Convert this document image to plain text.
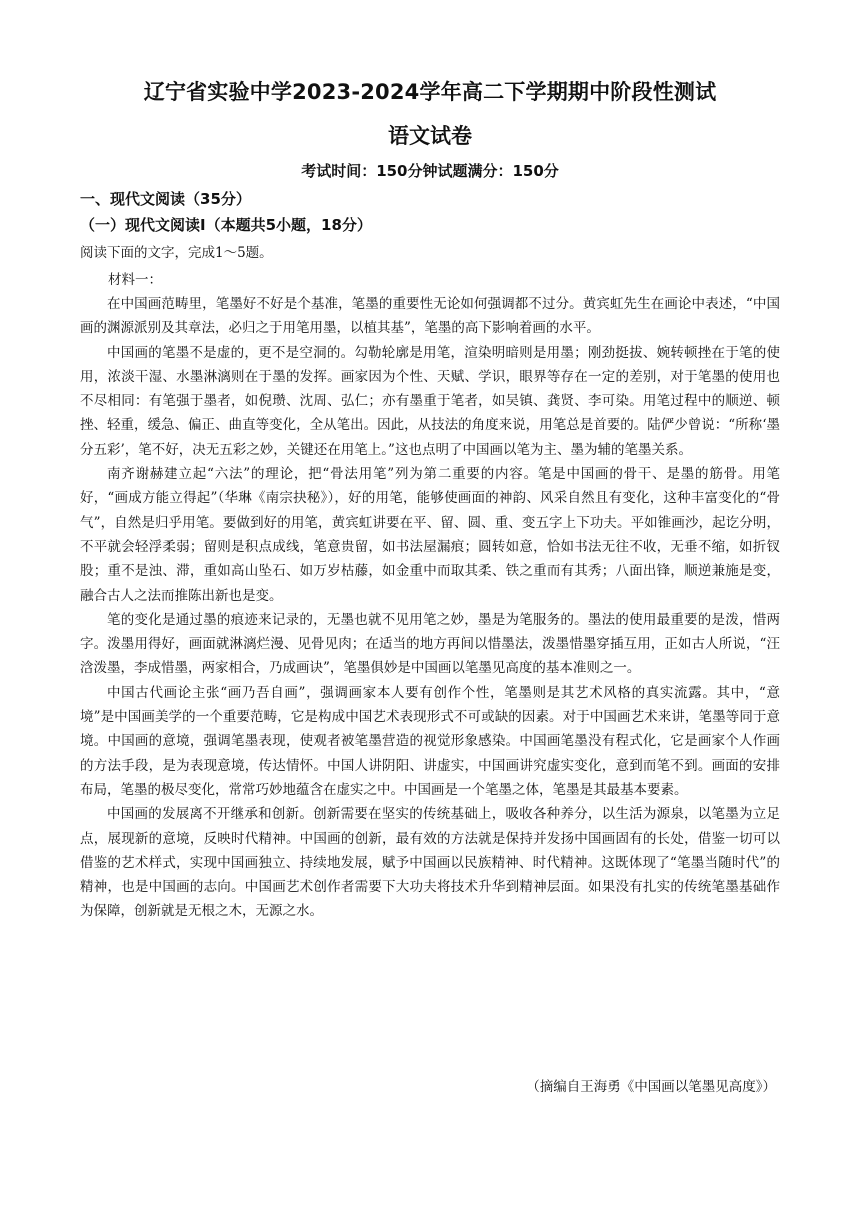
辽宁省实验中学2023-2024学年高二下学期期中阶段性测试
语文试卷
考试时间：150分钟试题满分：150分
一、现代文阅读（35分）
（一）现代文阅读Ⅰ（本题共5小题，18分）
阅读下面的文字，完成1～5题。
材料一：

在中国画范畴里，笔墨好不好是个基准，笔墨的重要性无论如何强调都不过分。黄宾虹先生在画论中表述，“中国画的渊源派别及其章法，必归之于用笔用墨，以植其基”，笔墨的高下影响着画的水平。

中国画的笔墨不是虚的，更不是空洞的。勾勒轮廓是用笔，渲染明暗则是用墨；刚劲挺拔、婉转顿挫在于笔的使用，浓淡干湿、水墨淋漓则在于墨的发挥。画家因为个性、天赋、学识，眼界等存在一定的差别，对于笔墨的使用也不尽相同：有笔强于墨者，如倪瓒、沈周、弘仁；亦有墨重于笔者，如吴镇、龚贤、李可染。用笔过程中的顺逆、顿挫、轻重，缓急、偏正、曲直等变化，全从笔出。因此，从技法的角度来说，用笔总是首要的。陆俨少曾说：“所称‘墨分五彩’，笔不好，决无五彩之妙，关键还在用笔上。”这也点明了中国画以笔为主、墨为辅的笔墨关系。

南齐谢赫建立起“六法”的理论，把“骨法用笔”列为第二重要的内容。笔是中国画的骨干、是墨的筋骨。用笔好，“画成方能立得起”（华琳《南宗抉秘》），好的用笔，能够使画面的神韵、风采自然且有变化，这种丰富变化的“骨气”，自然是归乎用笔。要做到好的用笔，黄宾虹讲要在平、留、圆、重、变五字上下功夫。平如锥画沙，起讫分明，不平就会轻浮柔弱；留则是积点成线，笔意贵留，如书法屋漏痕；圆转如意，恰如书法无往不收，无垂不缩，如折钗股；重不是浊、滞，重如高山坠石、如万岁枯藤，如金重中而取其柔、铁之重而有其秀；八面出锋，顺逆兼施是变，融合古人之法而推陈出新也是变。

笔的变化是通过墨的痕迹来记录的，无墨也就不见用笔之妙，墨是为笔服务的。墨法的使用最重要的是泼，惜两字。泼墨用得好，画面就淋漓烂漫、见骨见肉；在适当的地方再间以惜墨法，泼墨惜墨穿插互用，正如古人所说，“汪浛泼墨，李成惜墨，两家相合，乃成画诀”，笔墨俱妙是中国画以笔墨见高度的基本准则之一。

中国古代画论主张“画乃吾自画”，强调画家本人要有创作个性，笔墨则是其艺术风格的真实流露。其中，“意境”是中国画美学的一个重要范畴，它是构成中国艺术表现形式不可或缺的因素。对于中国画艺术来讲，笔墨等同于意境。中国画的意境，强调笔墨表现，使观者被笔墨营造的视觉形象感染。中国画笔墨没有程式化，它是画家个人作画的方法手段，是为表现意境，传达情怀。中国人讲阴阳、讲虚实，中国画讲究虚实变化，意到而笔不到。画面的安排布局，笔墨的极尽变化，常常巧妙地蕴含在虚实之中。中国画是一个笔墨之体，笔墨是其最基本要素。

中国画的发展离不开继承和创新。创新需要在坚实的传统基础上，吸收各种养分，以生活为源泉，以笔墨为立足点，展现新的意境，反映时代精神。中国画的创新，最有效的方法就是保持并发扬中国画固有的长处，借鉴一切可以借鉴的艺术样式，实现中国画独立、持续地发展，赋予中国画以民族精神、时代精神。这既体现了“笔墨当随时代”的精神，也是中国画的志向。中国画艺术创作者需要下大功夫将技术升华到精神层面。如果没有扎实的传统笔墨基础作为保障，创新就是无根之木，无源之水。

（摘编自王海勇《中国画以笔墨见高度》）
